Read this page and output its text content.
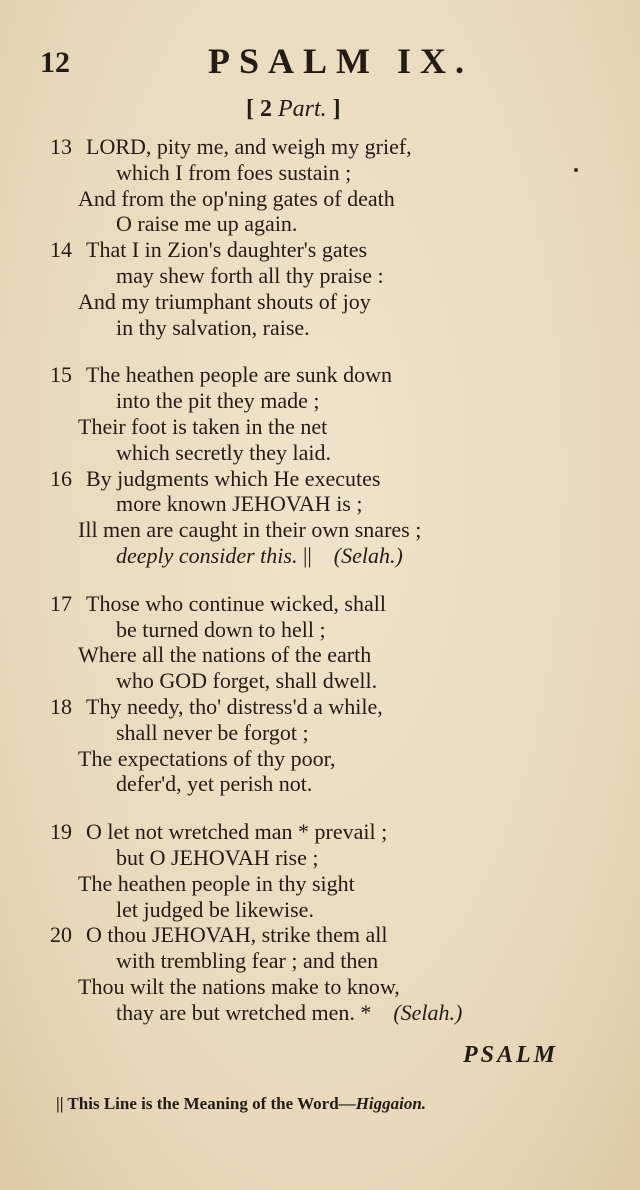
12	PSALM IX.
[ 2 Part. ]
13 LORD, pity me, and weigh my grief,
which I from foes sustain ;
And from the op'ning gates of death
O raise me up again.
14 That I in Zion's daughter's gates
may shew forth all thy praise :
And my triumphant shouts of joy
in thy salvation, raise.
15 The heathen people are sunk down
into the pit they made ;
Their foot is taken in the net
which secretly they laid.
16 By judgments which He executes
more known JEHOVAH is ;
Ill men are caught in their own snares ;
deeply consider this. || (Selah.)
17 Those who continue wicked, shall
be turned down to hell ;
Where all the nations of the earth
who GOD forget, shall dwell.
18 Thy needy, tho' distress'd a while,
shall never be forgot ;
The expectations of thy poor,
defer'd, yet perish not.
19 O let not wretched man * prevail ;
but O JEHOVAH rise ;
The heathen people in thy sight
let judged be likewise.
20 O thou JEHOVAH, strike them all
with trembling fear ; and then
Thou wilt the nations make to know,
thay are but wretched men. * (Selah.)
PSALM
|| This Line is the Meaning of the Word—Higgaion.
